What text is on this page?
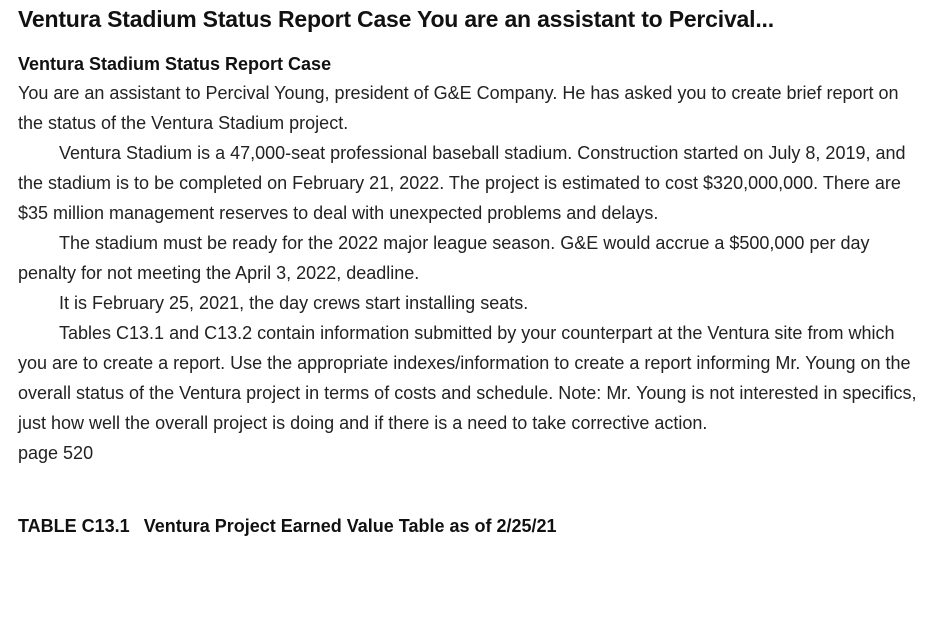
Ventura Stadium Status Report Case You are an assistant to Percival...
Ventura Stadium Status Report Case

You are an assistant to Percival Young, president of G&E Company. He has asked you to create brief report on the status of the Ventura Stadium project.

Ventura Stadium is a 47,000-seat professional baseball stadium. Construction started on July 8, 2019, and the stadium is to be completed on February 21, 2022. The project is estimated to cost $320,000,000. There are $35 million management reserves to deal with unexpected problems and delays.

The stadium must be ready for the 2022 major league season. G&E would accrue a $500,000 per day penalty for not meeting the April 3, 2022, deadline.

It is February 25, 2021, the day crews start installing seats.

Tables C13.1 and C13.2 contain information submitted by your counterpart at the Ventura site from which you are to create a report. Use the appropriate indexes/information to create a report informing Mr. Young on the overall status of the Ventura project in terms of costs and schedule. Note: Mr. Young is not interested in specifics, just how well the overall project is doing and if there is a need to take corrective action.

page 520

TABLE C13.1 Ventura Project Earned Value Table as of 2/25/21
